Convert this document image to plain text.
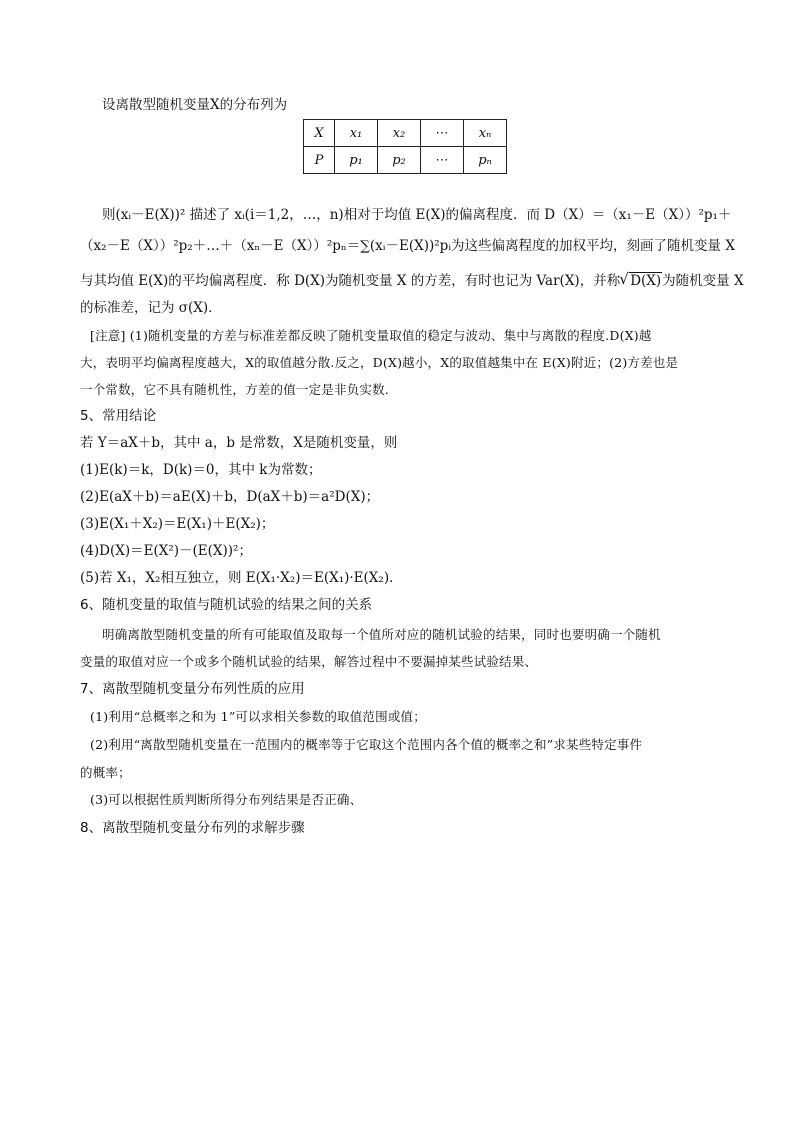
设离散型随机变量X的分布列为
X	x₁	x₂	⋯	xₙ
P	p₁	p₂	⋯	pₙ
则(xᵢ－E(X))² 描述了 xᵢ(i＝1,2，…，n)相对于均值 E(X)的偏离程度．而 D（X）＝（x₁－E（X））²p₁＋
（x₂－E（X））²p₂＋…＋（xₙ－E（X））²pₙ＝∑(xᵢ－E(X))²pᵢ为这些偏离程度的加权平均，刻画了随机变量 X
与其均值 E(X)的平均偏离程度．称 D(X)为随机变量 X 的方差，有时也记为 Var(X)，并称 √ D(X)为随机变量 X
的标准差，记为 σ(X)．
[注意] (1)随机变量的方差与标准差都反映了随机变量取值的稳定与波动、集中与离散的程度.D(X)越
大，表明平均偏离程度越大，X的取值越分散.反之，D(X)越小，X的取值越集中在 E(X)附近；(2)方差也是
一个常数，它不具有随机性，方差的值一定是非负实数.
5、常用结论
若 Y＝aX＋b，其中 a，b 是常数，X是随机变量，则
(1)E(k)＝k，D(k)＝0，其中 k为常数；
(2)E(aX＋b)＝aE(X)＋b，D(aX＋b)＝a²D(X)；
(3)E(X₁＋X₂)＝E(X₁)＋E(X₂)；
(4)D(X)＝E(X²)－(E(X))²；
(5)若 X₁，X₂相互独立，则 E(X₁·X₂)＝E(X₁)·E(X₂)．
6、随机变量的取值与随机试验的结果之间的关系
明确离散型随机变量的所有可能取值及取每一个值所对应的随机试验的结果，同时也要明确一个随机
变量的取值对应一个或多个随机试验的结果，解答过程中不要漏掉某些试验结果、
7、离散型随机变量分布列性质的应用
(1)利用“总概率之和为 1”可以求相关参数的取值范围或值；
(2)利用“离散型随机变量在一范围内的概率等于它取这个范围内各个值的概率之和”求某些特定事件
的概率；
(3)可以根据性质判断所得分布列结果是否正确、
8、离散型随机变量分布列的求解步骤
